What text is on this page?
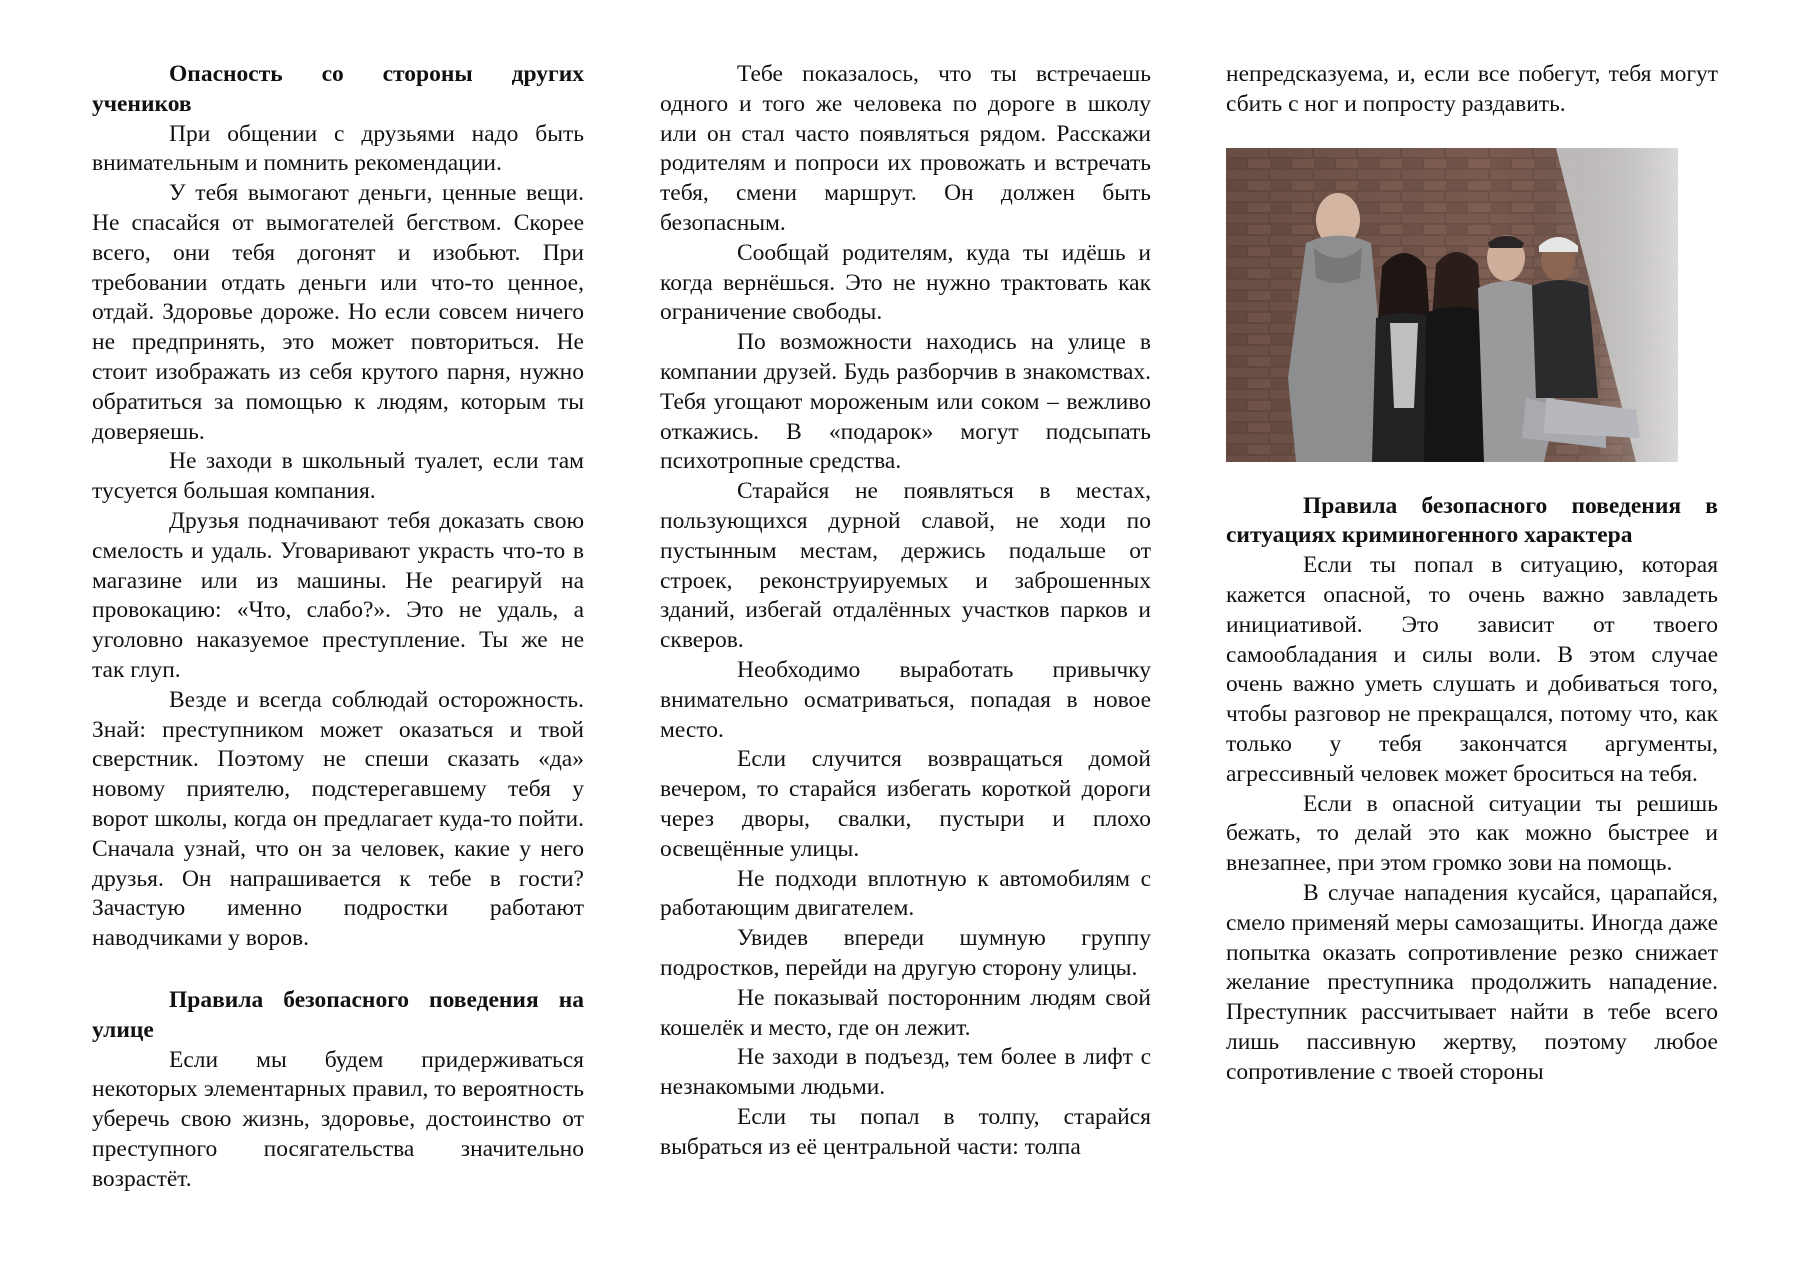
Опасность со стороны других учеников

При общении с друзьями надо быть внимательным и помнить рекомендации.

У тебя вымогают деньги, ценные вещи. Не спасайся от вымогателей бегством. Скорее всего, они тебя догонят и изобьют. При требовании отдать деньги или что-то ценное, отдай. Здоровье дороже. Но если совсем ничего не предпринять, это может повториться. Не стоит изображать из себя крутого парня, нужно обратиться за помощью к людям, которым ты доверяешь.

Не заходи в школьный туалет, если там тусуется большая компания.

Друзья подначивают тебя доказать свою смелость и удаль. Уговаривают украсть что-то в магазине или из машины. Не реагируй на провокацию: «Что, слабо?». Это не удаль, а уголовно наказуемое преступление. Ты же не так глуп.

Везде и всегда соблюдай осторожность. Знай: преступником может оказаться и твой сверстник. Поэтому не спеши сказать «да» новому приятелю, подстерегавшему тебя у ворот школы, когда он предлагает куда-то пойти. Сначала узнай, что он за человек, какие у него друзья. Он напрашивается к тебе в гости? Зачастую именно подростки работают наводчиками у воров.

Правила безопасного поведения на улице

Если мы будем придерживаться некоторых элементарных правил, то вероятность уберечь свою жизнь, здоровье, достоинство от преступного посягательства значительно возрастёт.

Тебе показалось, что ты встречаешь одного и того же человека по дороге в школу или он стал часто появляться рядом. Расскажи родителям и попроси их провожать и встречать тебя, смени маршрут. Он должен быть безопасным.

Сообщай родителям, куда ты идёшь и когда вернёшься. Это не нужно трактовать как ограничение свободы.

По возможности находись на улице в компании друзей. Будь разборчив в знакомствах. Тебя угощают мороженым или соком – вежливо откажись. В «подарок» могут подсыпать психотропные средства.

Старайся не появляться в местах, пользующихся дурной славой, не ходи по пустынным местам, держись подальше от строек, реконструируемых и заброшенных зданий, избегай отдалённых участков парков и скверов.

Необходимо выработать привычку внимательно осматриваться, попадая в новое место.

Если случится возвращаться домой вечером, то старайся избегать короткой дороги через дворы, свалки, пустыри и плохо освещённые улицы.

Не подходи вплотную к автомобилям с работающим двигателем.

Увидев впереди шумную группу подростков, перейди на другую сторону улицы.

Не показывай посторонним людям свой кошелёк и место, где он лежит.

Не заходи в подъезд, тем более в лифт с незнакомыми людьми.

Если ты попал в толпу, старайся выбраться из её центральной части: толпа

непредсказуема, и, если все побегут, тебя могут сбить с ног и попросту раздавить.

Правила безопасного поведения в ситуациях криминогенного характера

Если ты попал в ситуацию, которая кажется опасной, то очень важно завладеть инициативой. Это зависит от твоего самообладания и силы воли. В этом случае очень важно уметь слушать и добиваться того, чтобы разговор не прекращался, потому что, как только у тебя закончатся аргументы, агрессивный человек может броситься на тебя.

Если в опасной ситуации ты решишь бежать, то делай это как можно быстрее и внезапнее, при этом громко зови на помощь.

В случае нападения кусайся, царапайся, смело применяй меры самозащиты. Иногда даже попытка оказать сопротивление резко снижает желание преступника продолжить нападение. Преступник рассчитывает найти в тебе всего лишь пассивную жертву, поэтому любое сопротивление с твоей стороны
